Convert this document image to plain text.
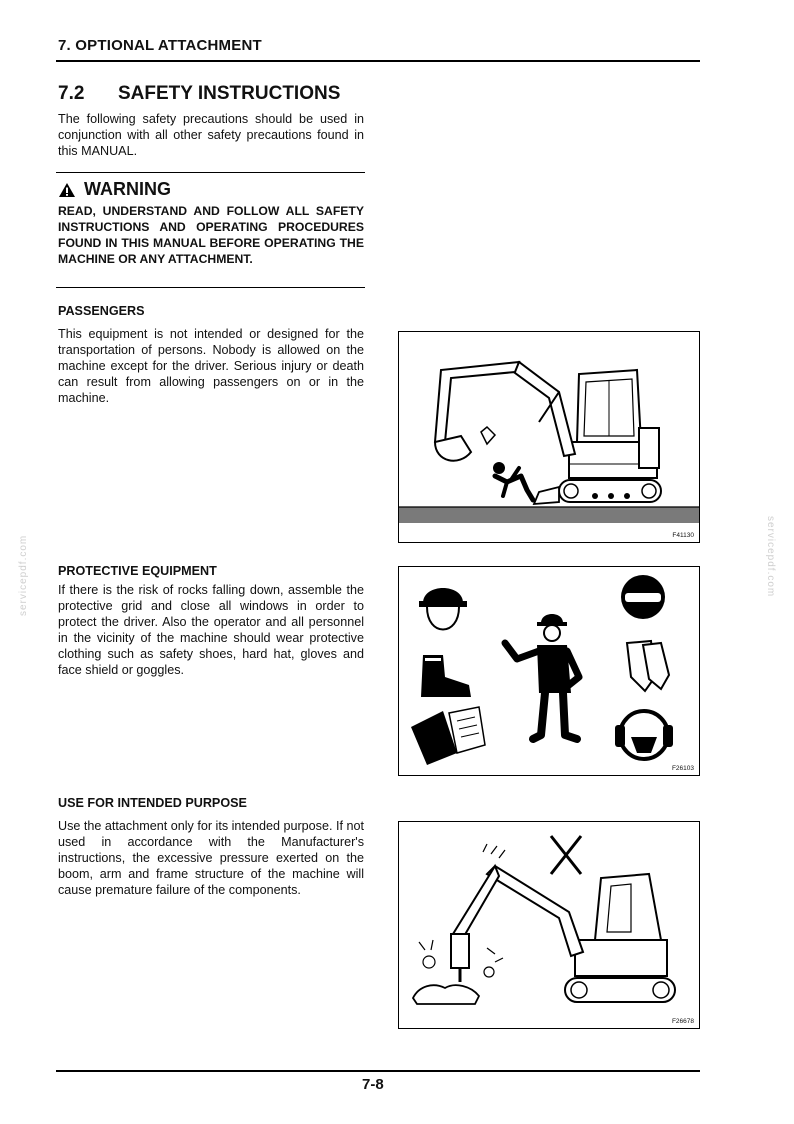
7. OPTIONAL ATTACHMENT
7.2 SAFETY INSTRUCTIONS
The following safety precautions should be used in conjunction with all other safety precautions found in this MANUAL.
WARNING
READ, UNDERSTAND AND FOLLOW ALL SAFETY INSTRUCTIONS AND OPERATING PROCEDURES FOUND IN THIS MANUAL BEFORE OPERATING THE MACHINE OR ANY ATTACHMENT.
PASSENGERS
This equipment is not intended or designed for the transportation of persons. Nobody is allowed on the machine except for the driver. Serious injury or death can result from allowing passengers on or in the machine.
F41130
PROTECTIVE EQUIPMENT
If there is the risk of rocks falling down, assemble the protective grid and close all windows in order to protect the driver. Also the operator and all personnel in the vicinity of the machine should wear protective clothing such as safety shoes, hard hat, gloves and face shield or goggles.
F26103
USE FOR INTENDED PURPOSE
Use the attachment only for its intended purpose. If not used in accordance with the Manufacturer's instructions, the excessive pressure exerted on the boom, arm and frame structure of the machine will cause premature failure of the components.
F26678
servicepdf.com	servicepdf.com
7-8
